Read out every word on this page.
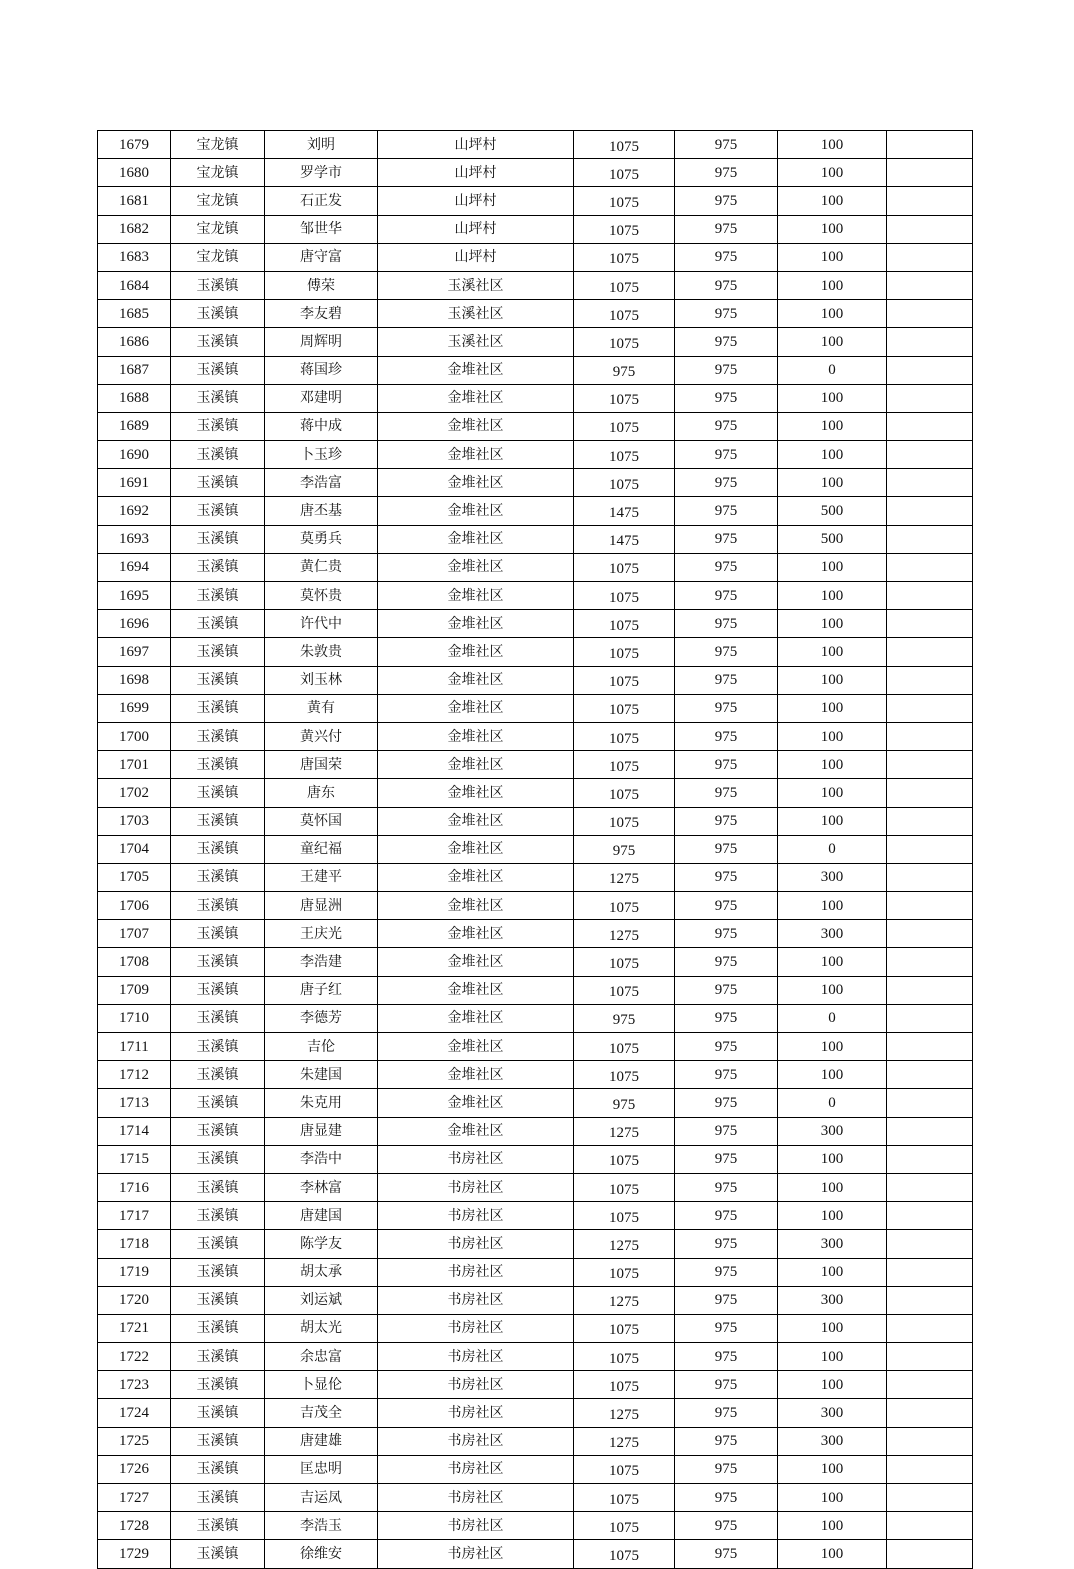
1679	宝龙镇	刘明	山坪村	1075	975	100	
1680	宝龙镇	罗学市	山坪村	1075	975	100	
1681	宝龙镇	石正发	山坪村	1075	975	100	
1682	宝龙镇	邹世华	山坪村	1075	975	100	
1683	宝龙镇	唐守富	山坪村	1075	975	100	
1684	玉溪镇	傅荣	玉溪社区	1075	975	100	
1685	玉溪镇	李友碧	玉溪社区	1075	975	100	
1686	玉溪镇	周辉明	玉溪社区	1075	975	100	
1687	玉溪镇	蒋国珍	金堆社区	975	975	0	
1688	玉溪镇	邓建明	金堆社区	1075	975	100	
1689	玉溪镇	蒋中成	金堆社区	1075	975	100	
1690	玉溪镇	卜玉珍	金堆社区	1075	975	100	
1691	玉溪镇	李浩富	金堆社区	1075	975	100	
1692	玉溪镇	唐丕基	金堆社区	1475	975	500	
1693	玉溪镇	莫勇兵	金堆社区	1475	975	500	
1694	玉溪镇	黄仁贵	金堆社区	1075	975	100	
1695	玉溪镇	莫怀贵	金堆社区	1075	975	100	
1696	玉溪镇	许代中	金堆社区	1075	975	100	
1697	玉溪镇	朱敦贵	金堆社区	1075	975	100	
1698	玉溪镇	刘玉林	金堆社区	1075	975	100	
1699	玉溪镇	黄有	金堆社区	1075	975	100	
1700	玉溪镇	黄兴付	金堆社区	1075	975	100	
1701	玉溪镇	唐国荣	金堆社区	1075	975	100	
1702	玉溪镇	唐东	金堆社区	1075	975	100	
1703	玉溪镇	莫怀国	金堆社区	1075	975	100	
1704	玉溪镇	童纪福	金堆社区	975	975	0	
1705	玉溪镇	王建平	金堆社区	1275	975	300	
1706	玉溪镇	唐显洲	金堆社区	1075	975	100	
1707	玉溪镇	王庆光	金堆社区	1275	975	300	
1708	玉溪镇	李浩建	金堆社区	1075	975	100	
1709	玉溪镇	唐子红	金堆社区	1075	975	100	
1710	玉溪镇	李德芳	金堆社区	975	975	0	
1711	玉溪镇	吉伦	金堆社区	1075	975	100	
1712	玉溪镇	朱建国	金堆社区	1075	975	100	
1713	玉溪镇	朱克用	金堆社区	975	975	0	
1714	玉溪镇	唐显建	金堆社区	1275	975	300	
1715	玉溪镇	李浩中	书房社区	1075	975	100	
1716	玉溪镇	李林富	书房社区	1075	975	100	
1717	玉溪镇	唐建国	书房社区	1075	975	100	
1718	玉溪镇	陈学友	书房社区	1275	975	300	
1719	玉溪镇	胡太承	书房社区	1075	975	100	
1720	玉溪镇	刘运斌	书房社区	1275	975	300	
1721	玉溪镇	胡太光	书房社区	1075	975	100	
1722	玉溪镇	余忠富	书房社区	1075	975	100	
1723	玉溪镇	卜显伦	书房社区	1075	975	100	
1724	玉溪镇	吉茂全	书房社区	1275	975	300	
1725	玉溪镇	唐建雄	书房社区	1275	975	300	
1726	玉溪镇	匡忠明	书房社区	1075	975	100	
1727	玉溪镇	吉运凤	书房社区	1075	975	100	
1728	玉溪镇	李浩玉	书房社区	1075	975	100	
1729	玉溪镇	徐维安	书房社区	1075	975	100	
